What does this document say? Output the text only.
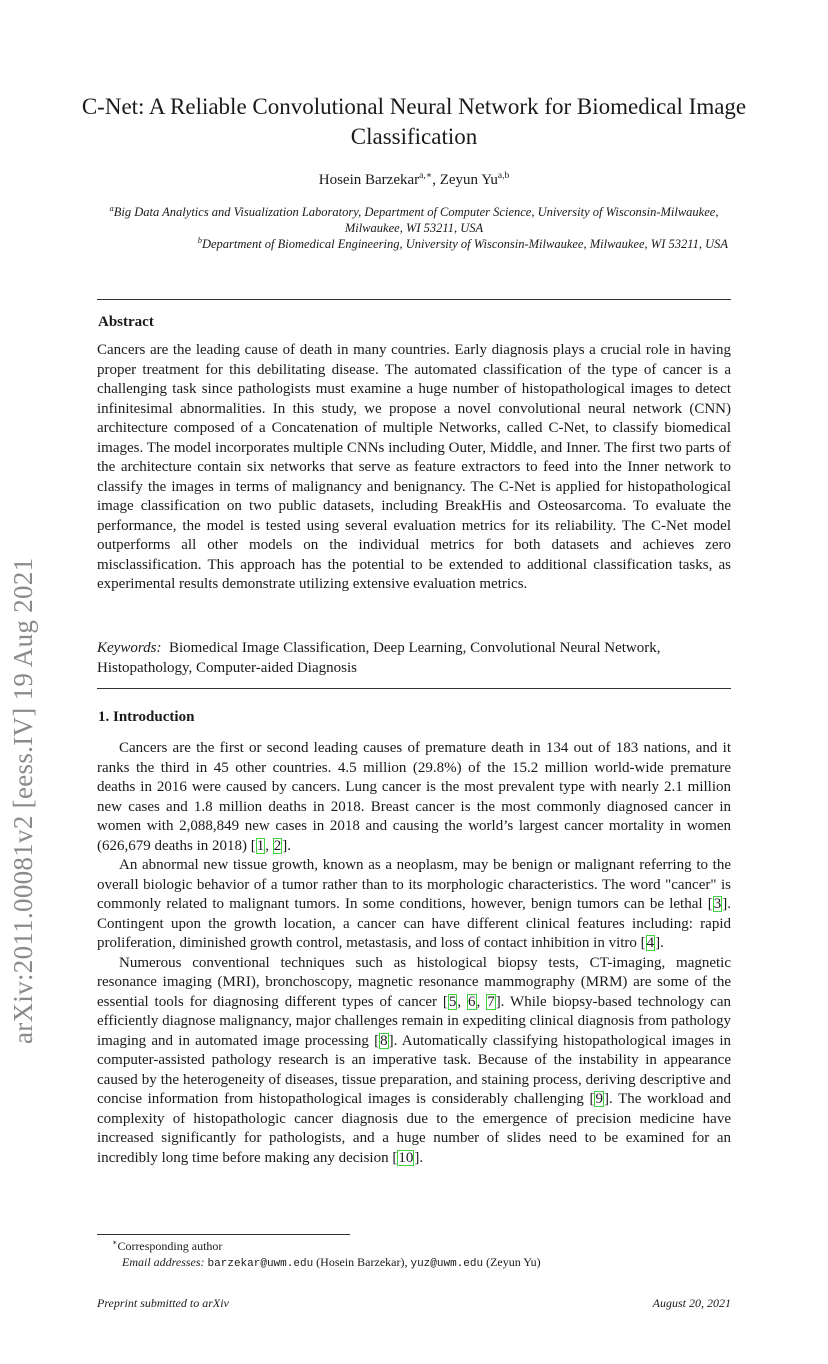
arXiv:2011.00081v2 [eess.IV] 19 Aug 2021
C-Net: A Reliable Convolutional Neural Network for Biomedical Image Classification
Hosein Barzekar$^{a,∗}$, Zeyun Yu$^{a,b}$
$^a$Big Data Analytics and Visualization Laboratory, Department of Computer Science, University of Wisconsin-Milwaukee, Milwaukee, WI 53211, USA
$^b$Department of Biomedical Engineering, University of Wisconsin-Milwaukee, Milwaukee, WI 53211, USA
Abstract
Cancers are the leading cause of death in many countries. Early diagnosis plays a crucial role in having proper treatment for this debilitating disease. The automated classification of the type of cancer is a challenging task since pathologists must examine a huge number of histopathological images to detect infinitesimal abnormalities. In this study, we propose a novel convolutional neural network (CNN) architecture composed of a Concatenation of multiple Networks, called C-Net, to classify biomedical images. The model incorporates multiple CNNs including Outer, Middle, and Inner. The first two parts of the architecture contain six networks that serve as feature extractors to feed into the Inner network to classify the images in terms of malignancy and benignancy. The C-Net is applied for histopathological image classification on two public datasets, including BreakHis and Osteosarcoma. To evaluate the performance, the model is tested using several evaluation metrics for its reliability. The C-Net model outperforms all other models on the individual metrics for both datasets and achieves zero misclassification. This approach has the potential to be extended to additional classification tasks, as experimental results demonstrate utilizing extensive evaluation metrics.
Keywords: Biomedical Image Classification, Deep Learning, Convolutional Neural Network, Histopathology, Computer-aided Diagnosis
1. Introduction

Cancers are the first or second leading causes of premature death in 134 out of 183 nations, and it ranks the third in 45 other countries. 4.5 million (29.8%) of the 15.2 million world-wide premature deaths in 2016 were caused by cancers. Lung cancer is the most prevalent type with nearly 2.1 million new cases and 1.8 million deaths in 2018. Breast cancer is the most commonly diagnosed cancer in women with 2,088,849 new cases in 2018 and causing the world’s largest cancer mortality in women (626,679 deaths in 2018) [1, 2].

An abnormal new tissue growth, known as a neoplasm, may be benign or malignant referring to the overall biologic behavior of a tumor rather than to its morphologic characteristics. The word "cancer" is commonly related to malignant tumors. In some conditions, however, benign tumors can be lethal [3]. Contingent upon the growth location, a cancer can have different clinical features including: rapid proliferation, diminished growth control, metastasis, and loss of contact inhibition in vitro [4].

Numerous conventional techniques such as histological biopsy tests, CT-imaging, magnetic resonance imaging (MRI), bronchoscopy, magnetic resonance mammography (MRM) are some of the essential tools for diagnosing different types of cancer [5, 6, 7]. While biopsy-based technology can efficiently diagnose malignancy, major challenges remain in expediting clinical diagnosis from pathology imaging and in automated image processing [8]. Automatically classifying histopathological images in computer-assisted pathology research is an imperative task. Because of the instability in appearance caused by the heterogeneity of diseases, tissue preparation, and staining process, deriving descriptive and concise information from histopathological images is considerably challenging [9]. The workload and complexity of histopathologic cancer diagnosis due to the emergence of precision medicine have increased significantly for pathologists, and a huge number of slides need to be examined for an incredibly long time before making any decision [10].

∗Corresponding author
Email addresses: barzekar@uwm.edu (Hosein Barzekar), yuz@uwm.edu (Zeyun Yu)
Preprint submitted to arXiv	August 20, 2021
